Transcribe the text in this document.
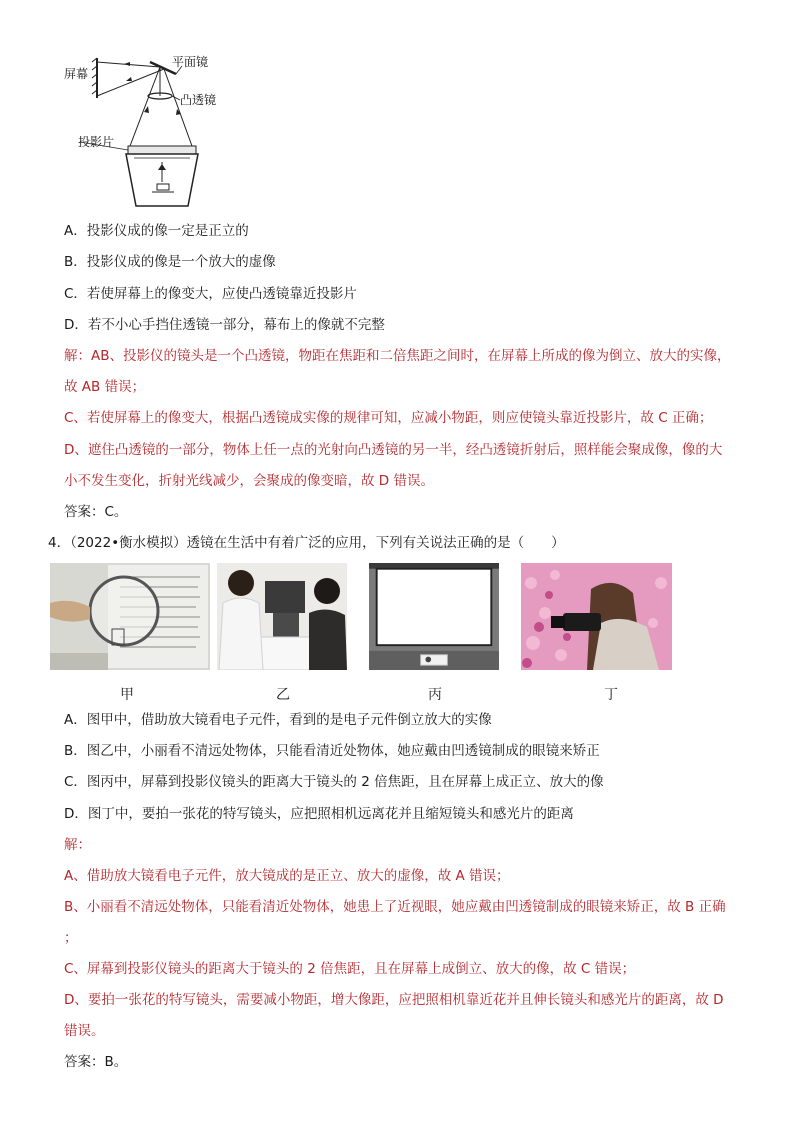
屏幕
平面镜
凸透镜
投影片
A．投影仪成的像一定是正立的
B．投影仪成的像是一个放大的虚像
C．若使屏幕上的像变大，应使凸透镜靠近投影片
D．若不小心手挡住透镜一部分，幕布上的像就不完整
解：AB、投影仪的镜头是一个凸透镜，物距在焦距和二倍焦距之间时，在屏幕上所成的像为倒立、放大的实像，
故 AB 错误；
C、若使屏幕上的像变大，根据凸透镜成实像的规律可知，应减小物距，则应使镜头靠近投影片，故 C 正确；
D、遮住凸透镜的一部分，物体上任一点的光射向凸透镜的另一半，经凸透镜折射后，照样能会聚成像，像的大
小不发生变化，折射光线减少，会聚成的像变暗，故 D 错误。
答案：C。
4．（2022•衡水模拟）透镜在生活中有着广泛的应用，下列有关说法正确的是（　　）
甲	乙	丙	丁
A．图甲中，借助放大镜看电子元件，看到的是电子元件倒立放大的实像
B．图乙中，小丽看不清远处物体，只能看清近处物体，她应戴由凹透镜制成的眼镜来矫正
C．图丙中，屏幕到投影仪镜头的距离大于镜头的 2 倍焦距，且在屏幕上成正立、放大的像
D．图丁中，要拍一张花的特写镜头，应把照相机远离花并且缩短镜头和感光片的距离
解：
A、借助放大镜看电子元件，放大镜成的是正立、放大的虚像，故 A 错误；
B、小丽看不清远处物体，只能看清近处物体，她患上了近视眼，她应戴由凹透镜制成的眼镜来矫正，故 B 正确
；
C、屏幕到投影仪镜头的距离大于镜头的 2 倍焦距，且在屏幕上成倒立、放大的像，故 C 错误；
D、要拍一张花的特写镜头，需要减小物距，增大像距，应把照相机靠近花并且伸长镜头和感光片的距离，故 D
错误。
答案：B。
